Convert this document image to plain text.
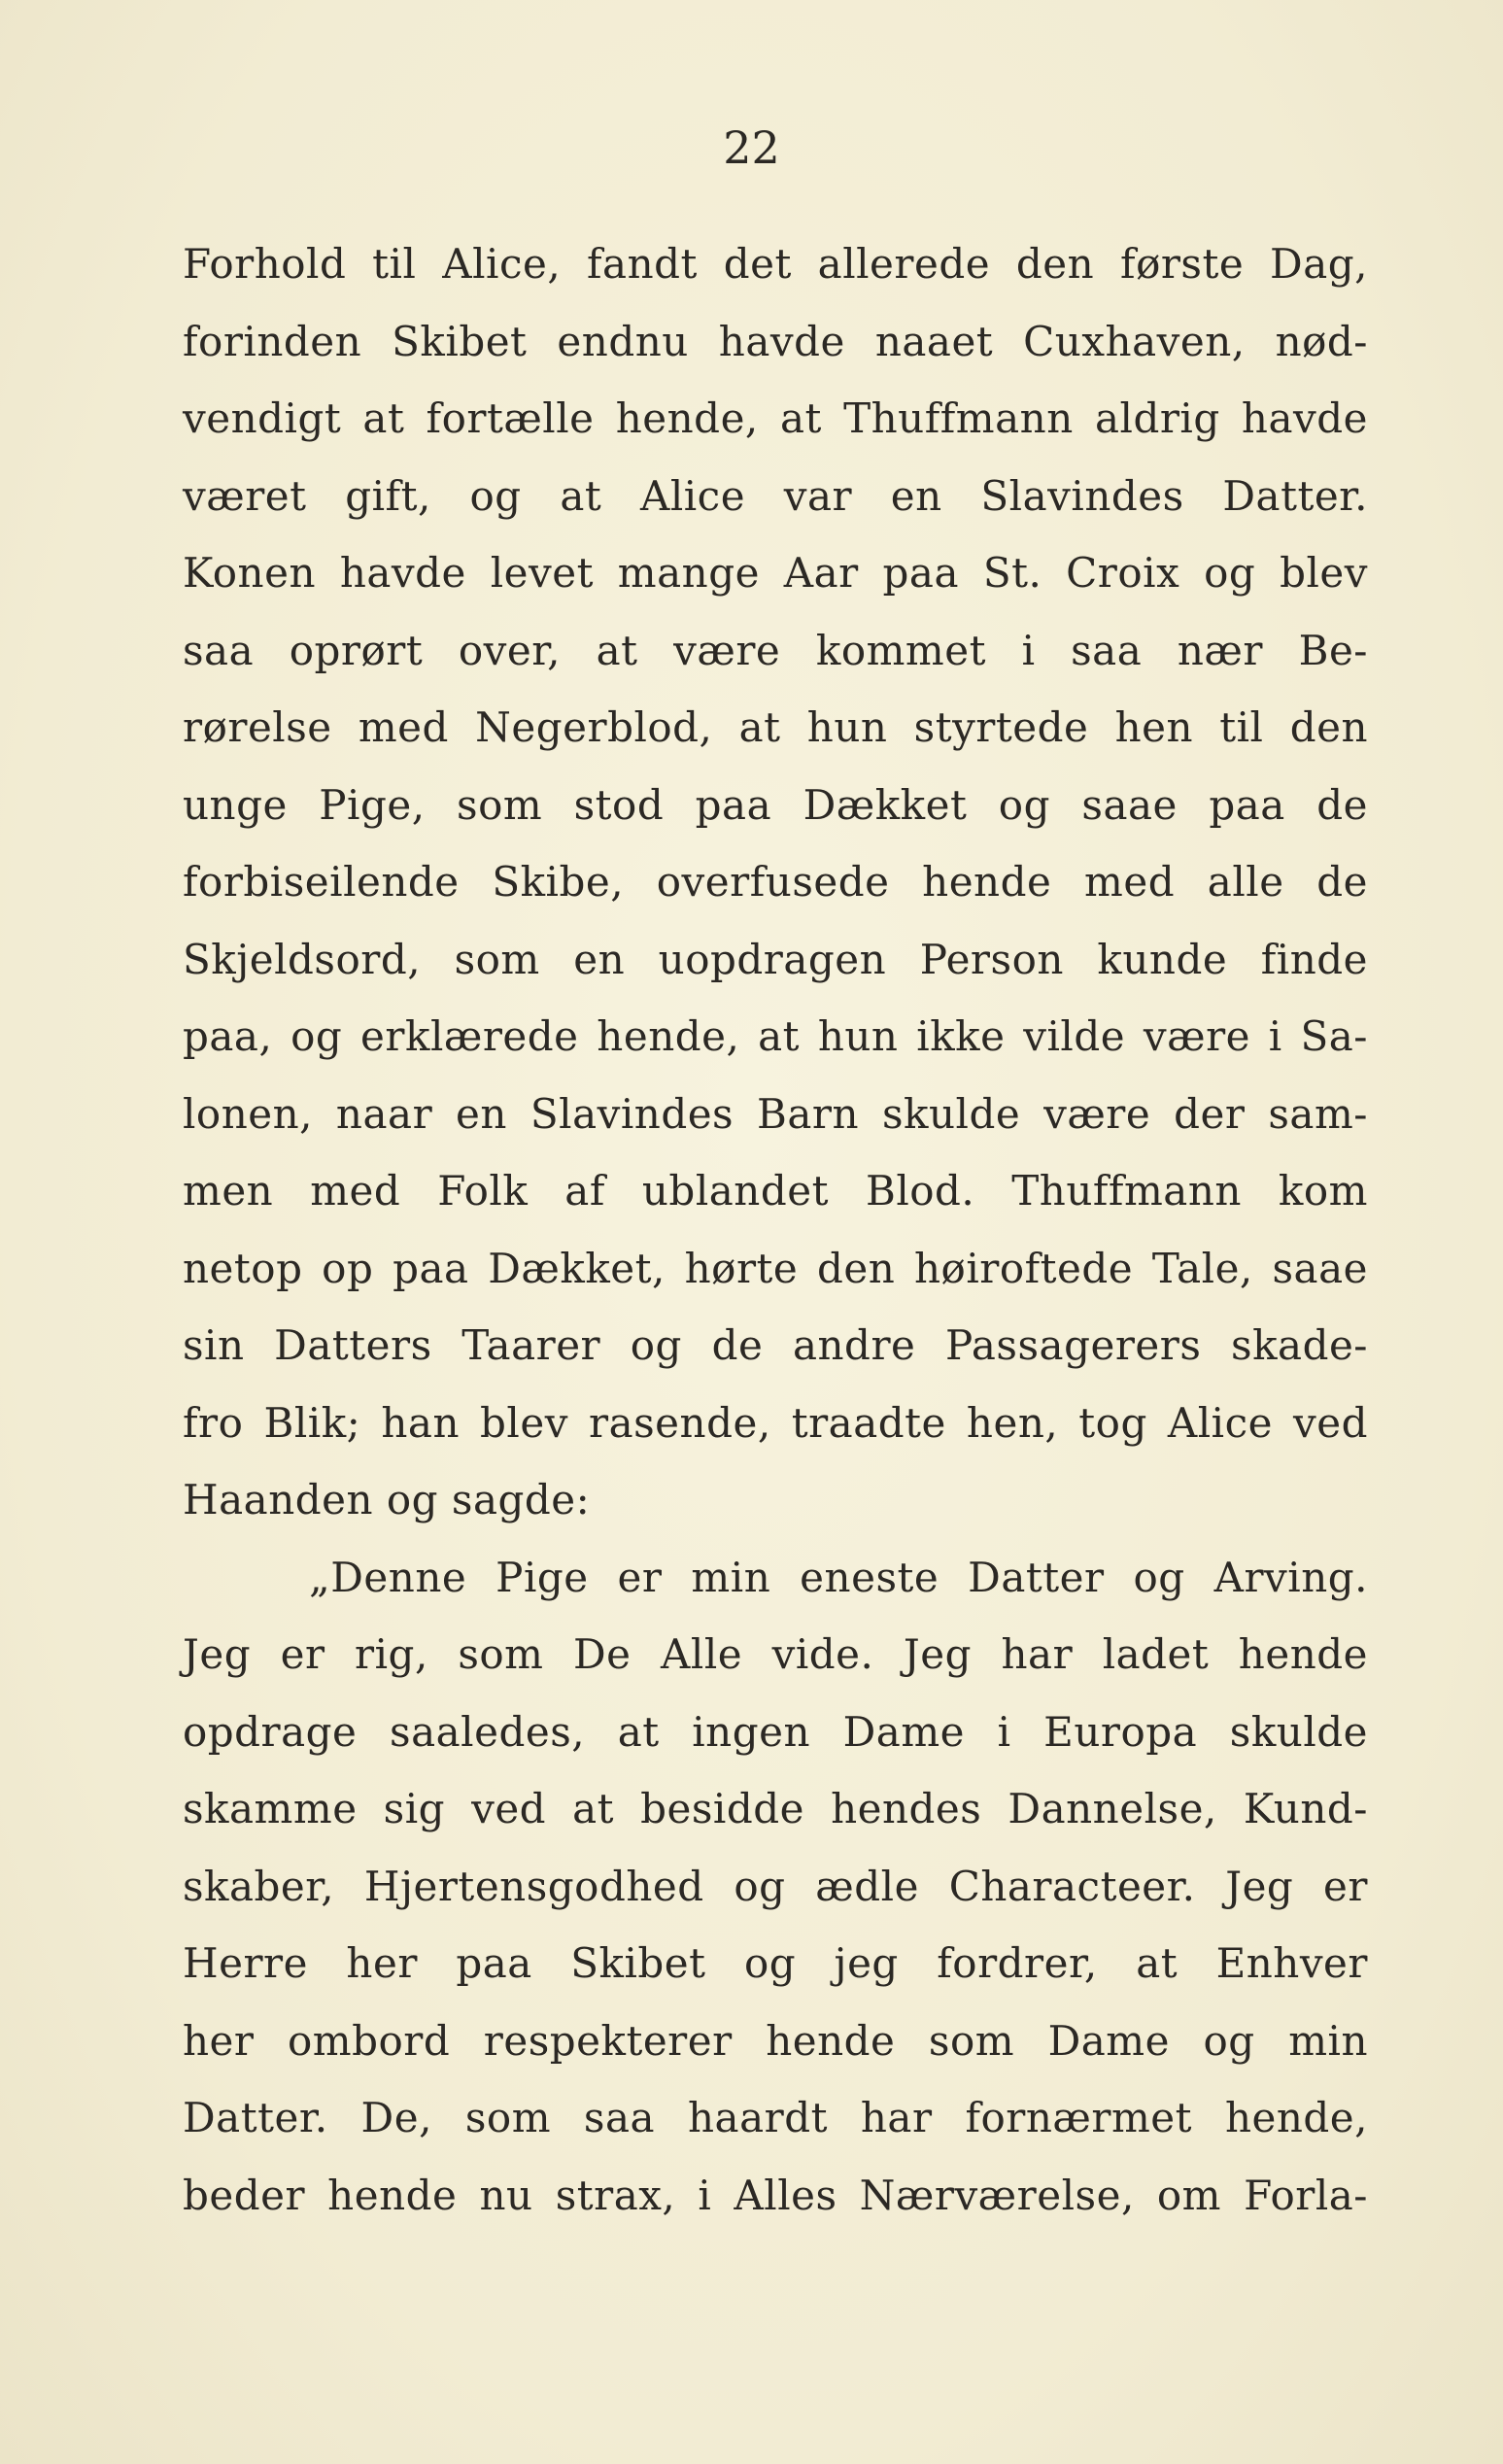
22
Forhold til Alice, fandt det allerede den første Dag,
forinden Skibet endnu havde naaet Cuxhaven, nød-
vendigt at fortælle hende, at Thuffmann aldrig havde
været gift, og at Alice var en Slavindes Datter.
Konen havde levet mange Aar paa St. Croix og blev
saa oprørt over, at være kommet i saa nær Be-
rørelse med Negerblod, at hun styrtede hen til den
unge Pige, som stod paa Dækket og saae paa de
forbiseilende Skibe, overfusede hende med alle de
Skjeldsord, som en uopdragen Person kunde finde
paa, og erklærede hende, at hun ikke vilde være i Sa-
lonen, naar en Slavindes Barn skulde være der sam-
men med Folk af ublandet Blod. Thuffmann kom
netop op paa Dækket, hørte den høiroftede Tale, saae
sin Datters Taarer og de andre Passagerers skade-
fro Blik; han blev rasende, traadte hen, tog Alice ved
Haanden og sagde:
„Denne Pige er min eneste Datter og Arving.
Jeg er rig, som De Alle vide. Jeg har ladet hende
opdrage saaledes, at ingen Dame i Europa skulde
skamme sig ved at besidde hendes Dannelse, Kund-
skaber, Hjertensgodhed og ædle Characteer. Jeg er
Herre her paa Skibet og jeg fordrer, at Enhver
her ombord respekterer hende som Dame og min
Datter. De, som saa haardt har fornærmet hende,
beder hende nu strax, i Alles Nærværelse, om Forla-
